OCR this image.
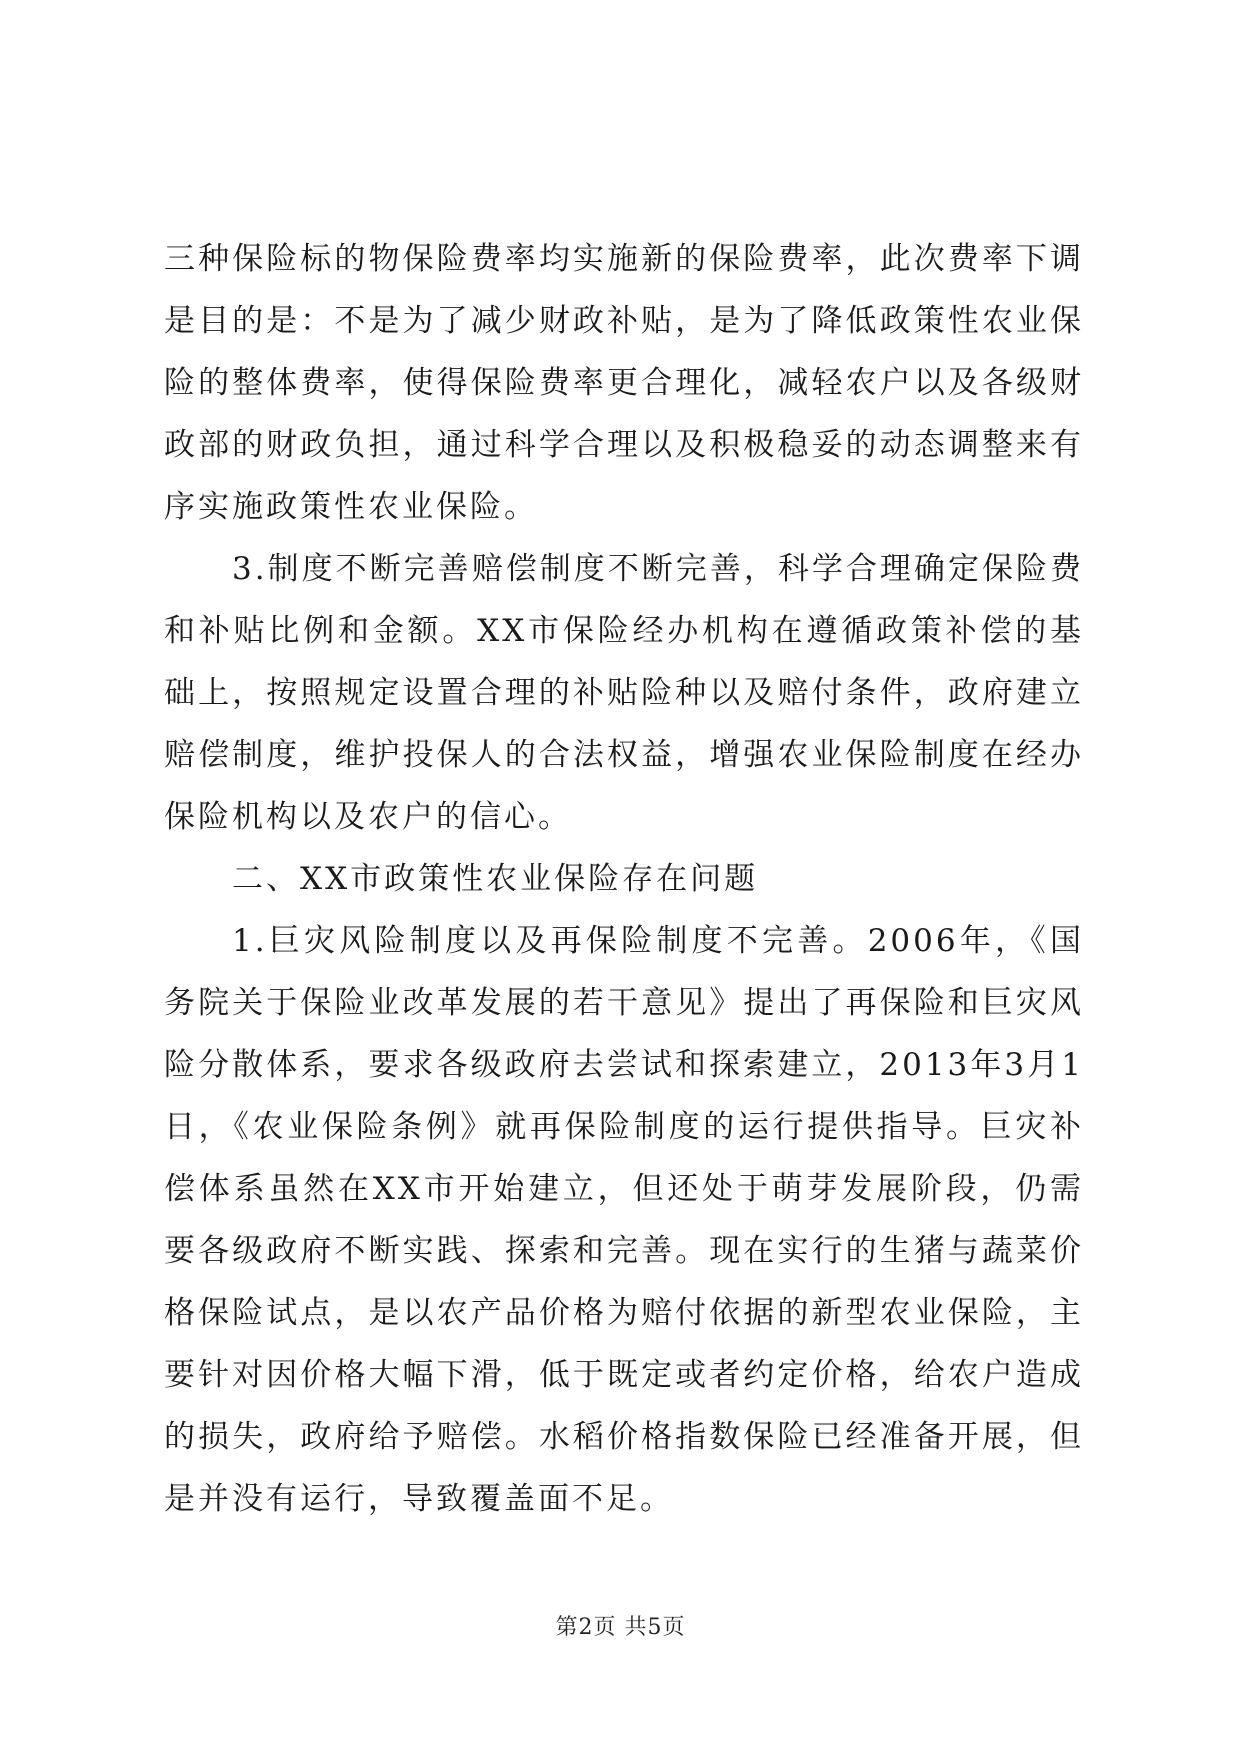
三种保险标的物保险费率均实施新的保险费率，此次费率下调是目的是：不是为了减少财政补贴，是为了降低政策性农业保险的整体费率，使得保险费率更合理化，减轻农户以及各级财政部的财政负担，通过科学合理以及积极稳妥的动态调整来有序实施政策性农业保险。

3.制度不断完善赔偿制度不断完善，科学合理确定保险费和补贴比例和金额。XX市保险经办机构在遵循政策补偿的基础上，按照规定设置合理的补贴险种以及赔付条件，政府建立赔偿制度，维护投保人的合法权益，增强农业保险制度在经办保险机构以及农户的信心。

二、XX市政策性农业保险存在问题

1.巨灾风险制度以及再保险制度不完善。2006年，《国务院关于保险业改革发展的若干意见》提出了再保险和巨灾风险分散体系，要求各级政府去尝试和探索建立，2013年3月1日，《农业保险条例》就再保险制度的运行提供指导。巨灾补偿体系虽然在XX市开始建立，但还处于萌芽发展阶段，仍需要各级政府不断实践、探索和完善。现在实行的生猪与蔬菜价格保险试点，是以农产品价格为赔付依据的新型农业保险，主要针对因价格大幅下滑，低于既定或者约定价格，给农户造成的损失，政府给予赔偿。水稻价格指数保险已经准备开展，但是并没有运行，导致覆盖面不足。

第2页 共5页
